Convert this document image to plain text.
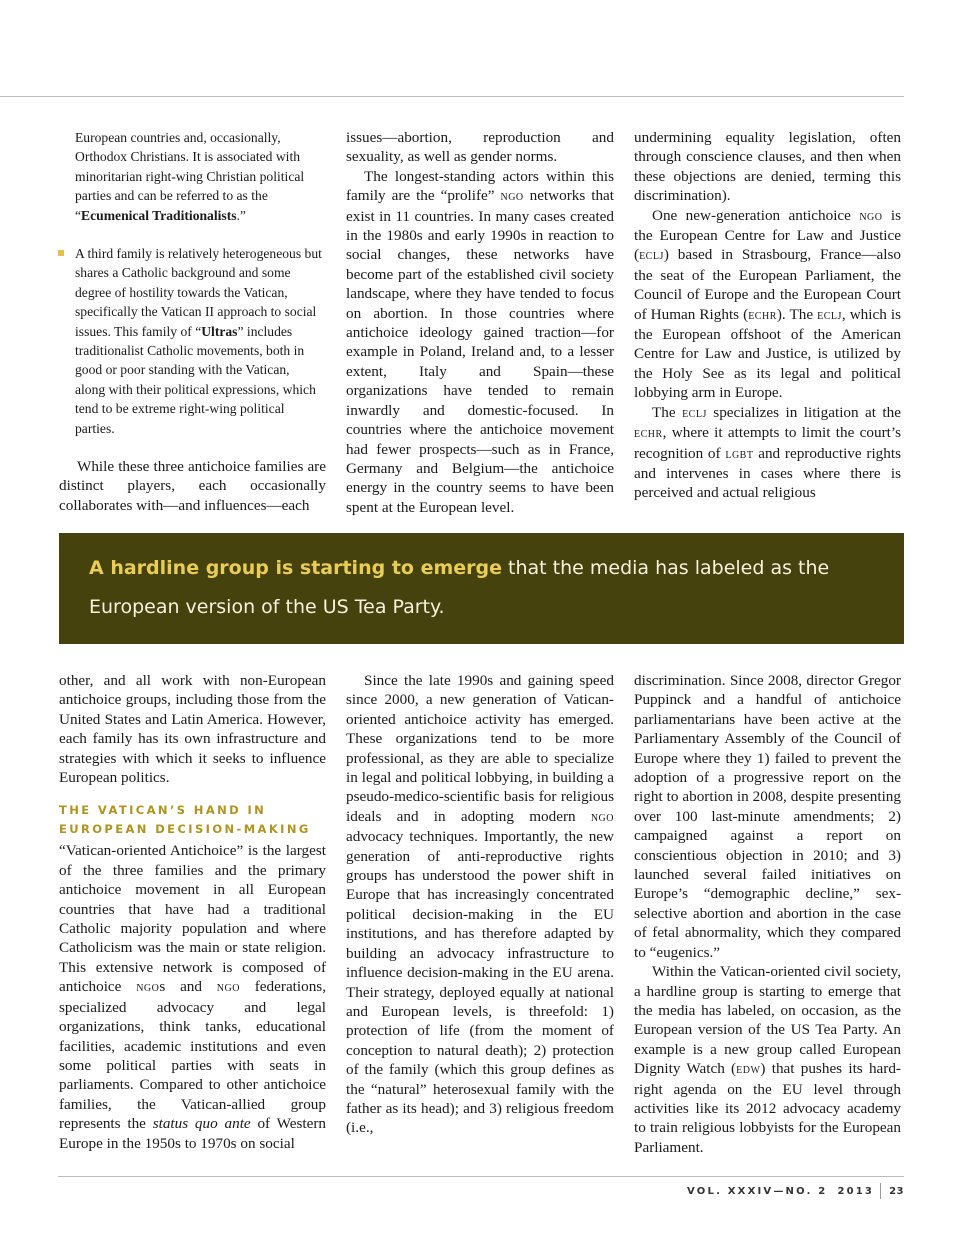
European countries and, occasionally, Orthodox Christians. It is associated with minoritarian right-wing Christian political parties and can be referred to as the “Ecumenical Traditionalists.”

A third family is relatively heterogeneous but shares a Catholic background and some degree of hostility towards the Vatican, specifically the Vatican II approach to social issues. This family of “Ultras” includes traditionalist Catholic movements, both in good or poor standing with the Vatican, along with their political expressions, which tend to be extreme right-wing political parties.

While these three antichoice families are distinct players, each occasionally collaborates with—and influences—each

issues—abortion, reproduction and sexuality, as well as gender norms.

The longest-standing actors within this family are the “prolife” ngo networks that exist in 11 countries. In many cases created in the 1980s and early 1990s in reaction to social changes, these networks have become part of the established civil society landscape, where they have tended to focus on abortion. In those countries where antichoice ideology gained traction—for example in Poland, Ireland and, to a lesser extent, Italy and Spain—these organizations have tended to remain inwardly and domestic-focused. In countries where the antichoice movement had fewer prospects—such as in France, Germany and Belgium—the antichoice energy in the country seems to have been spent at the European level.

undermining equality legislation, often through conscience clauses, and then when these objections are denied, terming this discrimination).

One new-generation antichoice ngo is the European Centre for Law and Justice (eclj) based in Strasbourg, France—also the seat of the European Parliament, the Council of Europe and the European Court of Human Rights (echr). The eclj, which is the European offshoot of the American Centre for Law and Justice, is utilized by the Holy See as its legal and political lobbying arm in Europe.

The eclj specializes in litigation at the echr, where it attempts to limit the court’s recognition of lgbt and reproductive rights and intervenes in cases where there is perceived and actual religious

A hardline group is starting to emerge that the media has labeled as the European version of the US Tea Party.

other, and all work with non-European antichoice groups, including those from the United States and Latin America. However, each family has its own infrastructure and strategies with which it seeks to influence European politics.

THE VATICAN’S HAND IN EUROPEAN DECISION-MAKING

“Vatican-oriented Antichoice” is the largest of the three families and the primary antichoice movement in all European countries that have had a traditional Catholic majority population and where Catholicism was the main or state religion. This extensive network is composed of antichoice ngos and ngo federations, specialized advocacy and legal organizations, think tanks, educational facilities, academic institutions and even some political parties with seats in parliaments. Compared to other antichoice families, the Vatican-allied group represents the status quo ante of Western Europe in the 1950s to 1970s on social

Since the late 1990s and gaining speed since 2000, a new generation of Vatican-oriented antichoice activity has emerged. These organizations tend to be more professional, as they are able to specialize in legal and political lobbying, in building a pseudo-medico-scientific basis for religious ideals and in adopting modern ngo advocacy techniques. Importantly, the new generation of anti-reproductive rights groups has understood the power shift in Europe that has increasingly concentrated political decision-making in the EU institutions, and has therefore adapted by building an advocacy infrastructure to influence decision-making in the EU arena. Their strategy, deployed equally at national and European levels, is threefold: 1) protection of life (from the moment of conception to natural death); 2) protection of the family (which this group defines as the “natural” heterosexual family with the father as its head); and 3) religious freedom (i.e.,

discrimination. Since 2008, director Gregor Puppinck and a handful of antichoice parliamentarians have been active at the Parliamentary Assembly of the Council of Europe where they 1) failed to prevent the adoption of a progressive report on the right to abortion in 2008, despite presenting over 100 last-minute amendments; 2) campaigned against a report on conscientious objection in 2010; and 3) launched several failed initiatives on Europe’s “demographic decline,” sex-selective abortion and abortion in the case of fetal abnormality, which they compared to “eugenics.”

Within the Vatican-oriented civil society, a hardline group is starting to emerge that the media has labeled, on occasion, as the European version of the US Tea Party. An example is a new group called European Dignity Watch (edw) that pushes its hard-right agenda on the EU level through activities like its 2012 advocacy academy to train religious lobbyists for the European Parliament.

VOL. XXXIV—NO. 2 2013 23
